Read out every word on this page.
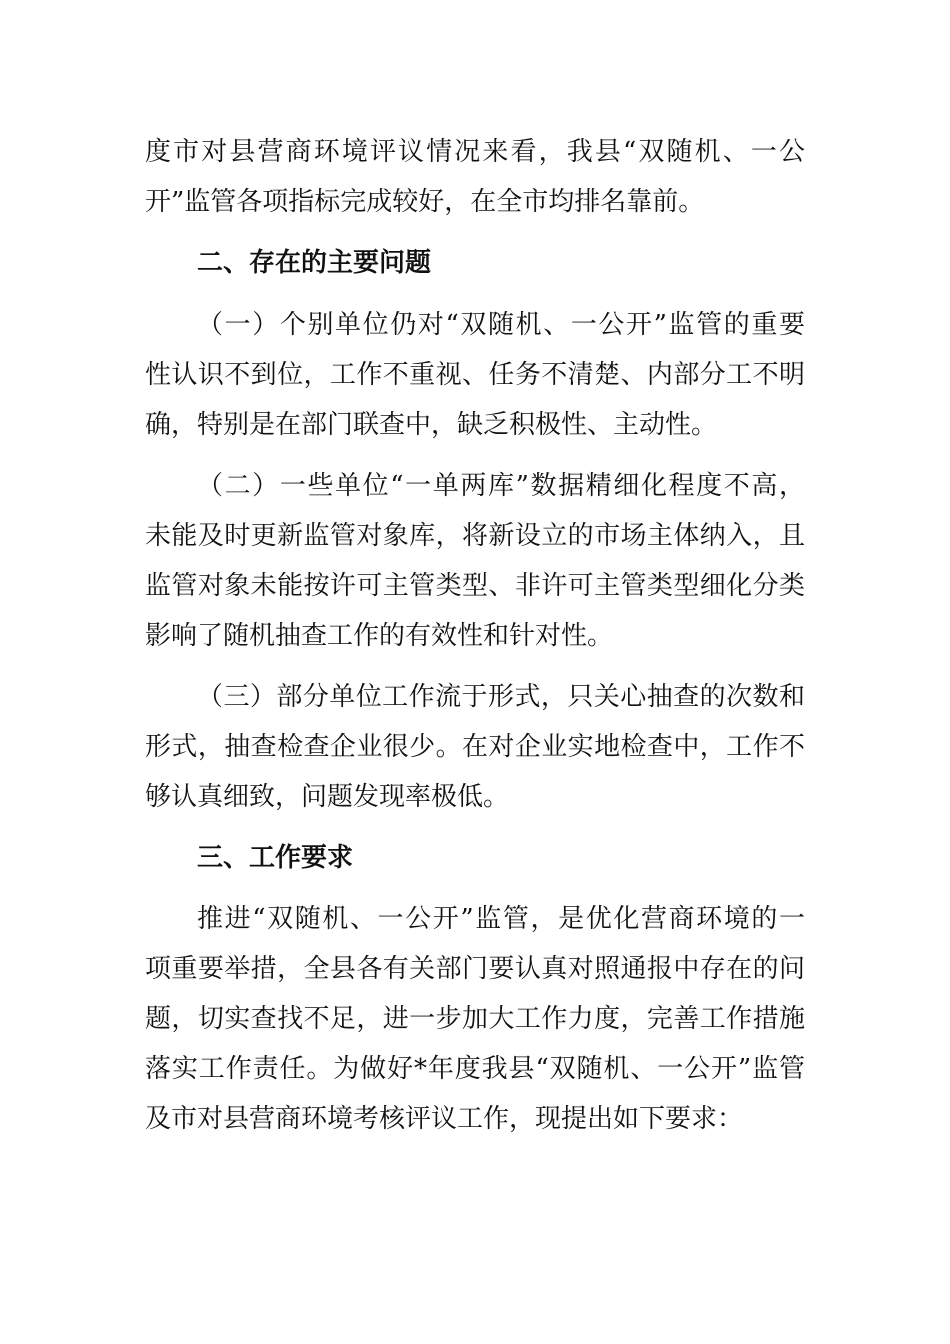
度市对县营商环境评议情况来看，我县“双随机、一公
开”监管各项指标完成较好，在全市均排名靠前。
二、存在的主要问题
（一）个别单位仍对“双随机、一公开”监管的重要
性认识不到位，工作不重视、任务不清楚、内部分工不明
确，特别是在部门联查中，缺乏积极性、主动性。
（二）一些单位“一单两库”数据精细化程度不高，
未能及时更新监管对象库，将新设立的市场主体纳入，且
监管对象未能按许可主管类型、非许可主管类型细化分类
影响了随机抽查工作的有效性和针对性。
（三）部分单位工作流于形式，只关心抽查的次数和
形式，抽查检查企业很少。在对企业实地检查中，工作不
够认真细致，问题发现率极低。
三、工作要求
推进“双随机、一公开”监管，是优化营商环境的一
项重要举措，全县各有关部门要认真对照通报中存在的问
题，切实查找不足，进一步加大工作力度，完善工作措施
落实工作责任。为做好*年度我县“双随机、一公开”监管
及市对县营商环境考核评议工作，现提出如下要求：
